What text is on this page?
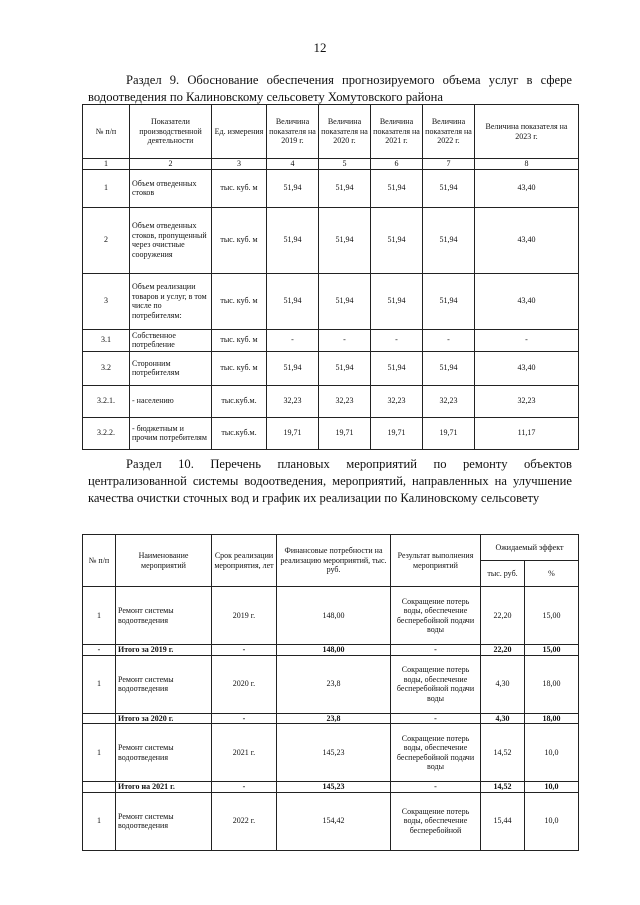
12
Раздел 9. Обоснование обеспечения прогнозируемого объема услуг в сфере водоотведения по Калиновскому сельсовету Хомутовского района
№ п/п	Показатели производственной деятельности	Ед. измерения	Величина показателя на 2019 г.	Величина показателя на 2020 г.	Величина показателя на 2021 г.	Величина показателя на 2022 г.	Величина показателя на 2023 г.
1	2	3	4	5	6	7	8
1	Объем отведенных стоков	тыс. куб. м	51,94	51,94	51,94	51,94	43,40
2	Объем отведенных стоков, пропущенный через очистные сооружения	тыс. куб. м	51,94	51,94	51,94	51,94	43,40
3	Объем реализации товаров и услуг, в том числе по потребителям:	тыс. куб. м	51,94	51,94	51,94	51,94	43,40
3.1	Собственное потребление	тыс. куб. м	-	-	-	-	-
3.2	Сторонним потребителям	тыс. куб. м	51,94	51,94	51,94	51,94	43,40
3.2.1.	- населению	тыс.куб.м.	32,23	32,23	32,23	32,23	32,23
3.2.2.	- бюджетным и прочим потребителям	тыс.куб.м.	19,71	19,71	19,71	19,71	11,17
Раздел 10. Перечень плановых мероприятий по ремонту объектов централизованной системы водоотведения, мероприятий, направленных на улучшение качества очистки сточных вод и график их реализации по Калиновскому сельсовету
№ п/п	Наименование мероприятий	Срок реализации мероприятия, лет	Финансовые потребности на реализацию мероприятий, тыс. руб.	Результат выполнения мероприятий	Ожидаемый эффект	
					тыс. руб.	%
1	Ремонт системы водоотведения	2019 г.	148,00	Сокращение потерь воды, обеспечение бесперебойной подачи воды	22,20	15,00
-	Итого за 2019 г.	-	148,00	-	22,20	15,00
1	Ремонт системы водоотведения	2020 г.	23,8	Сокращение потерь воды, обеспечение бесперебойной подачи воды	4,30	18,00
	Итого за 2020 г.	-	23,8	-	4,30	18,00
1	Ремонт системы водоотведения	2021 г.	145,23	Сокращение потерь воды, обеспечение бесперебойной подачи воды	14,52	10,0
	Итого на 2021 г.	-	145,23	-	14,52	10,0
1	Ремонт системы водоотведения	2022 г.	154,42	Сокращение потерь воды, обеспечение бесперебойной	15,44	10,0
